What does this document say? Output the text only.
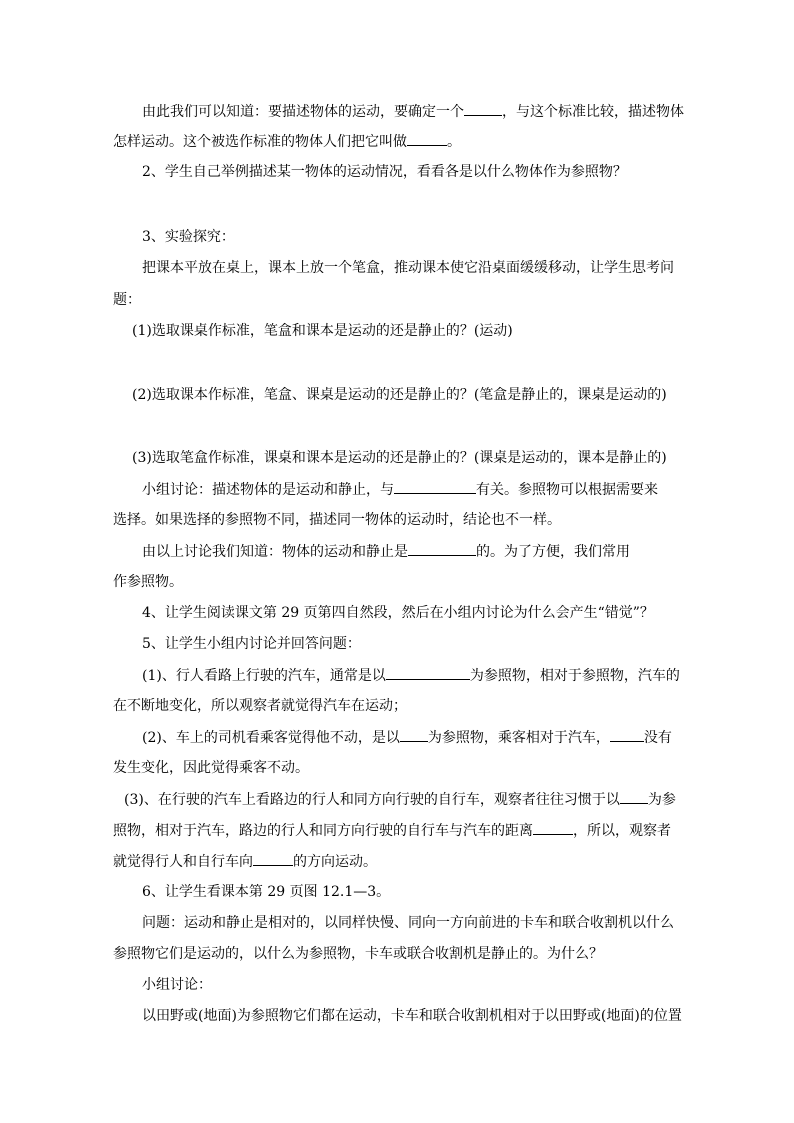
由此我们可以知道：要描述物体的运动，要确定一个	，与这个标准比较，描述物体
怎样运动。这个被选作标准的物体人们把它叫做	。
2、学生自己举例描述某一物体的运动情况，看看各是以什么物体作为参照物？
3、实验探究：
把课本平放在桌上，课本上放一个笔盒，推动课本使它沿桌面缓缓移动，让学生思考问
题：
(1)选取课桌作标准，笔盒和课本是运动的还是静止的？(运动)
(2)选取课本作标准，笔盒、课桌是运动的还是静止的？(笔盒是静止的，课桌是运动的)
(3)选取笔盒作标准，课桌和课本是运动的还是静止的？(课桌是运动的，课本是静止的)
小组讨论：描述物体的是运动和静止，与	有关。参照物可以根据需要来
选择。如果选择的参照物不同，描述同一物体的运动时，结论也不一样。
由以上讨论我们知道：物体的运动和静止是	的。为了方便，我们常用
作参照物。
4、让学生阅读课文第 29 页第四自然段，然后在小组内讨论为什么会产生“错觉”？
5、让学生小组内讨论并回答问题：
(1)、行人看路上行驶的汽车，通常是以	为参照物，相对于参照物，汽车的
在不断地变化，所以观察者就觉得汽车在运动；
(2)、车上的司机看乘客觉得他不动，是以 为参照物，乘客相对于汽车， 没有
发生变化，因此觉得乘客不动。
(3)、在行驶的汽车上看路边的行人和同方向行驶的自行车，观察者往往习惯于以 为参
照物，相对于汽车，路边的行人和同方向行驶的自行车与汽车的距离	，所以，观察者
就觉得行人和自行车向	的方向运动。
6、让学生看课本第 29 页图 12.1—3。
问题：运动和静止是相对的，以同样快慢、同向一方向前进的卡车和联合收割机以什么
参照物它们是运动的，以什么为参照物，卡车或联合收割机是静止的。为什么？
小组讨论：
以田野或(地面)为参照物它们都在运动，卡车和联合收割机相对于以田野或(地面)的位置
